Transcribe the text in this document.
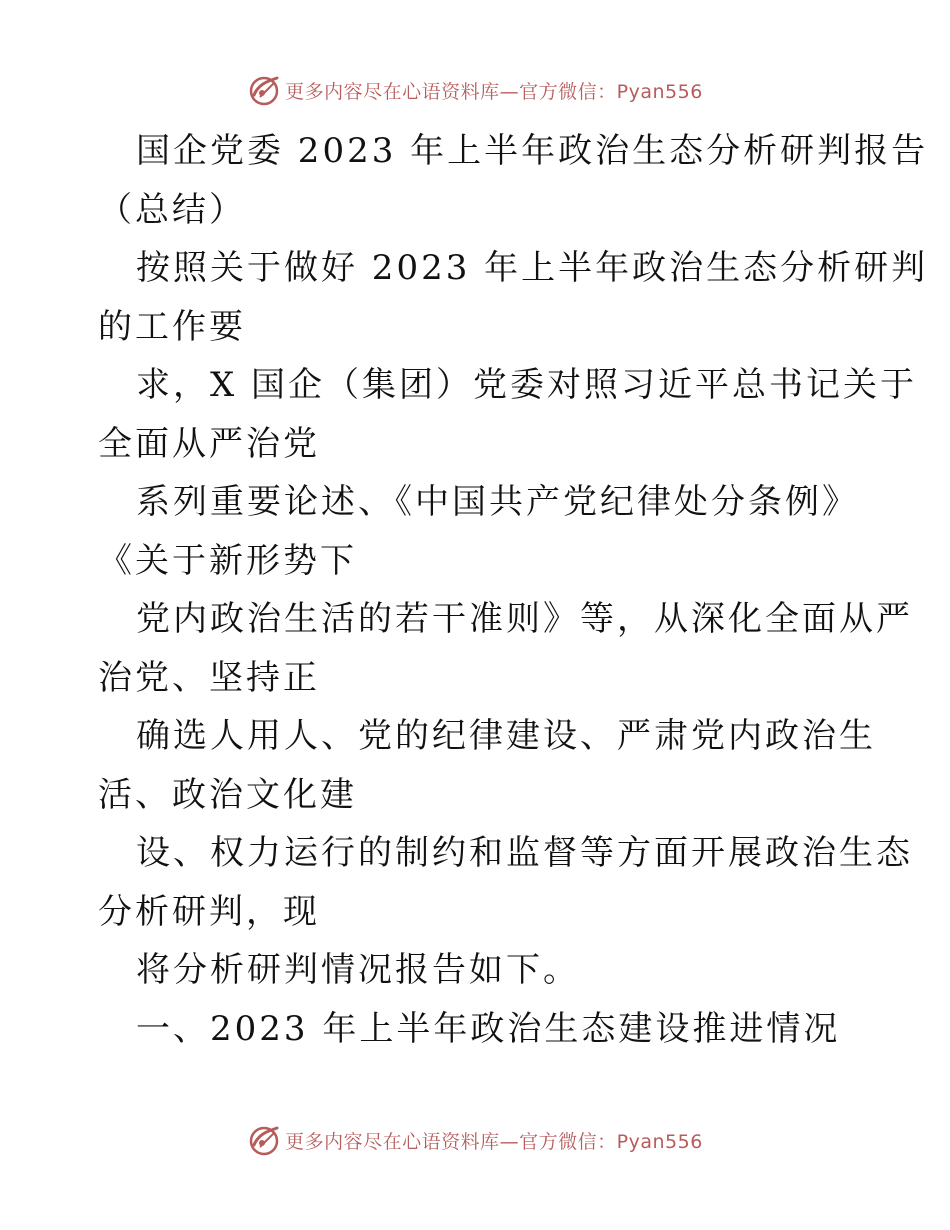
更多内容尽在心语资料库—官方微信：Pyan556
国企党委 2023 年上半年政治生态分析研判报告
（总结）
按照关于做好 2023 年上半年政治生态分析研判
的工作要
求，X 国企（集团）党委对照习近平总书记关于
全面从严治党
系列重要论述、《中国共产党纪律处分条例》
《关于新形势下
党内政治生活的若干准则》等，从深化全面从严
治党、坚持正
确选人用人、党的纪律建设、严肃党内政治生
活、政治文化建
设、权力运行的制约和监督等方面开展政治生态
分析研判，现
将分析研判情况报告如下。
一、2023 年上半年政治生态建设推进情况
更多内容尽在心语资料库—官方微信：Pyan556
